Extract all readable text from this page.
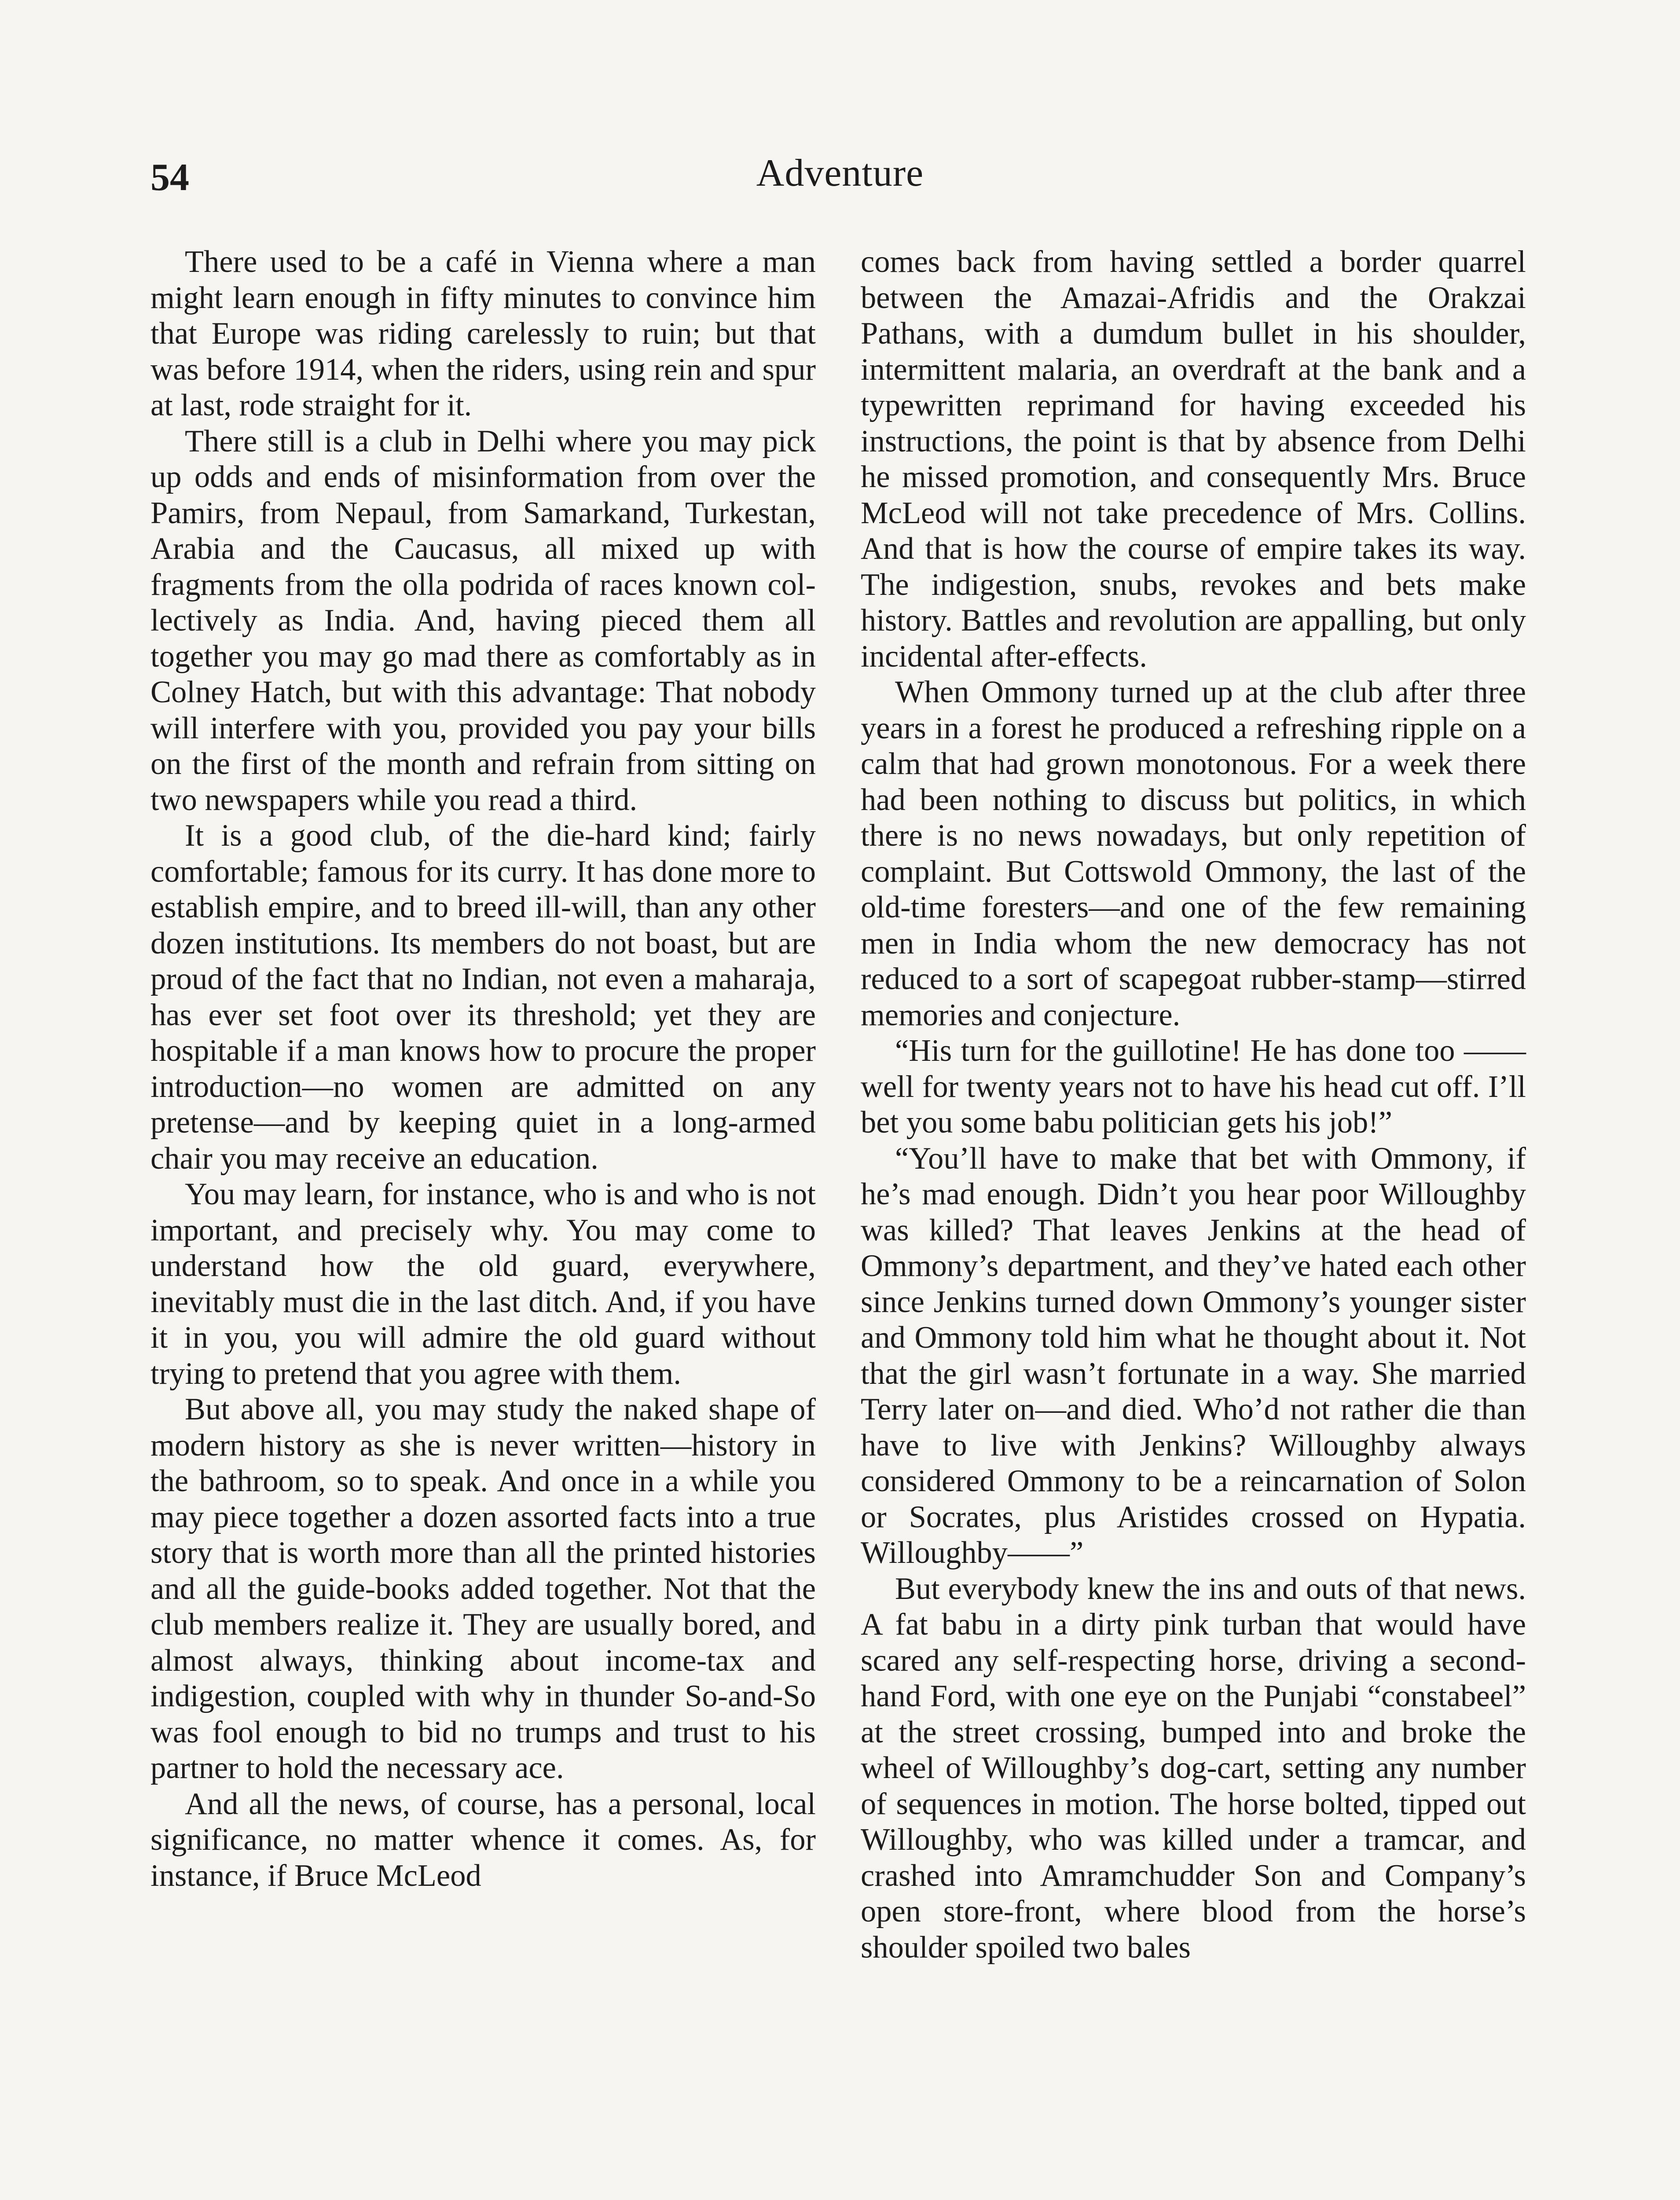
54	Adventure

There used to be a café in Vienna where a man might learn enough in fifty minutes to convince him that Europe was riding carelessly to ruin; but that was before 1914, when the riders, using rein and spur at last, rode straight for it.

There still is a club in Delhi where you may pick up odds and ends of misinformation from over the Pamirs, from Nepaul, from Samarkand, Turkestan, Arabia and the Caucasus, all mixed up with fragments from the olla podrida of races known collectively as India. And, having pieced them all together you may go mad there as comfortably as in Colney Hatch, but with this advantage: That nobody will interfere with you, provided you pay your bills on the first of the month and refrain from sitting on two newspapers while you read a third.

It is a good club, of the die-hard kind; fairly comfortable; famous for its curry. It has done more to establish empire, and to breed ill-will, than any other dozen institutions. Its members do not boast, but are proud of the fact that no Indian, not even a maharaja, has ever set foot over its threshold; yet they are hospitable if a man knows how to procure the proper introduction—no women are admitted on any pretense—and by keeping quiet in a long-armed chair you may receive an education.

You may learn, for instance, who is and who is not important, and precisely why. You may come to understand how the old guard, everywhere, inevitably must die in the last ditch. And, if you have it in you, you will admire the old guard without trying to pretend that you agree with them.

But above all, you may study the naked shape of modern history as she is never written—history in the bathroom, so to speak. And once in a while you may piece together a dozen assorted facts into a true story that is worth more than all the printed histories and all the guide-books added together. Not that the club members realize it. They are usually bored, and almost always, thinking about income-tax and indigestion, coupled with why in thunder So-and-So was fool enough to bid no trumps and trust to his partner to hold the necessary ace.

And all the news, of course, has a personal, local significance, no matter whence it comes. As, for instance, if Bruce McLeod

comes back from having settled a border quarrel between the Amazai-Afridis and the Orakzai Pathans, with a dumdum bullet in his shoulder, intermittent malaria, an overdraft at the bank and a typewritten reprimand for having exceeded his instructions, the point is that by absence from Delhi he missed promotion, and consequently Mrs. Bruce McLeod will not take precedence of Mrs. Collins. And that is how the course of empire takes its way. The indigestion, snubs, revokes and bets make history. Battles and revolution are appalling, but only incidental after-effects.

When Ommony turned up at the club after three years in a forest he produced a refreshing ripple on a calm that had grown monotonous. For a week there had been nothing to discuss but politics, in which there is no news nowadays, but only repetition of complaint. But Cottswold Ommony, the last of the old-time foresters—and one of the few remaining men in India whom the new democracy has not reduced to a sort of scapegoat rubber-stamp—stirred memories and conjecture.

“His turn for the guillotine! He has done too —— well for twenty years not to have his head cut off. I’ll bet you some babu politician gets his job!”

“You’ll have to make that bet with Ommony, if he’s mad enough. Didn’t you hear poor Willoughby was killed? That leaves Jenkins at the head of Ommony’s department, and they’ve hated each other since Jenkins turned down Ommony’s younger sister and Ommony told him what he thought about it. Not that the girl wasn’t fortunate in a way. She married Terry later on—and died. Who’d not rather die than have to live with Jenkins? Willoughby always considered Ommony to be a reincarnation of Solon or Socrates, plus Aristides crossed on Hypatia. Willoughby——”

But everybody knew the ins and outs of that news. A fat babu in a dirty pink turban that would have scared any self-respecting horse, driving a second-hand Ford, with one eye on the Punjabi “constabeel” at the street crossing, bumped into and broke the wheel of Willoughby’s dog-cart, setting any number of sequences in motion. The horse bolted, tipped out Willoughby, who was killed under a tramcar, and crashed into Amramchudder Son and Company’s open store-front, where blood from the horse’s shoulder spoiled two bales
